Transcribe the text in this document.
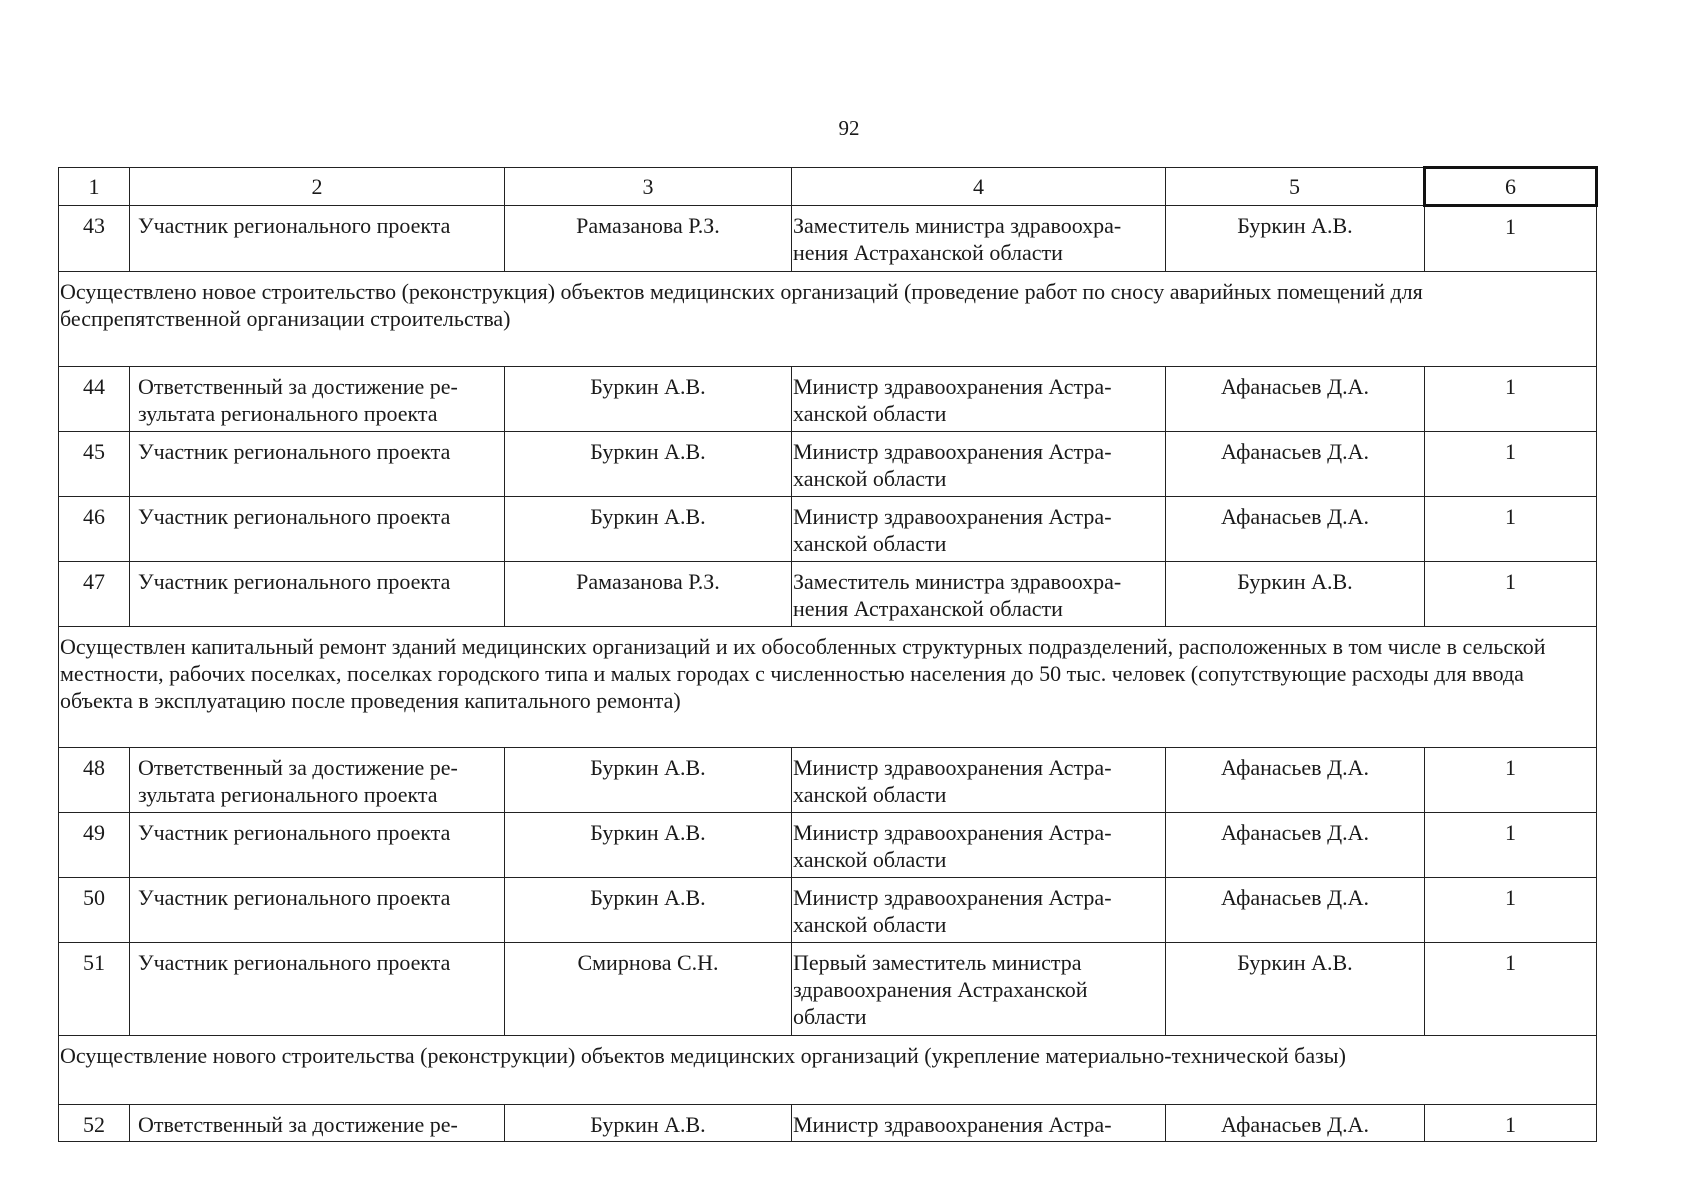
92
1	2	3	4	5	6
43	Участник регионального проекта	Рамазанова Р.З.	Заместитель министра здравоохра-нения Астраханской области	Буркин А.В.	1
Осуществлено новое строительство (реконструкция) объектов медицинских организаций (проведение работ по сносу аварийных помещений для беспрепятственной организации строительства)					
44	Ответственный за достижение ре-зультата регионального проекта	Буркин А.В.	Министр здравоохранения Астра-ханской области	Афанасьев Д.А.	1
45	Участник регионального проекта	Буркин А.В.	Министр здравоохранения Астра-ханской области	Афанасьев Д.А.	1
46	Участник регионального проекта	Буркин А.В.	Министр здравоохранения Астра-ханской области	Афанасьев Д.А.	1
47	Участник регионального проекта	Рамазанова Р.З.	Заместитель министра здравоохра-нения Астраханской области	Буркин А.В.	1
Осуществлен капитальный ремонт зданий медицинских организаций и их обособленных структурных подразделений, расположенных в том числе в сельской местности, рабочих поселках, поселках городского типа и малых городах с численностью населения до 50 тыс. человек (сопутствующие расходы для ввода объекта в эксплуатацию после проведения капитального ремонта)					
48	Ответственный за достижение ре-зультата регионального проекта	Буркин А.В.	Министр здравоохранения Астра-ханской области	Афанасьев Д.А.	1
49	Участник регионального проекта	Буркин А.В.	Министр здравоохранения Астра-ханской области	Афанасьев Д.А.	1
50	Участник регионального проекта	Буркин А.В.	Министр здравоохранения Астра-ханской области	Афанасьев Д.А.	1
51	Участник регионального проекта	Смирнова С.Н.	Первый заместитель министра здравоохранения Астраханской области	Буркин А.В.	1
Осуществление нового строительства (реконструкции) объектов медицинских организаций (укрепление материально-технической базы)					
52	Ответственный за достижение ре-	Буркин А.В.	Министр здравоохранения Астра-	Афанасьев Д.А.	1
